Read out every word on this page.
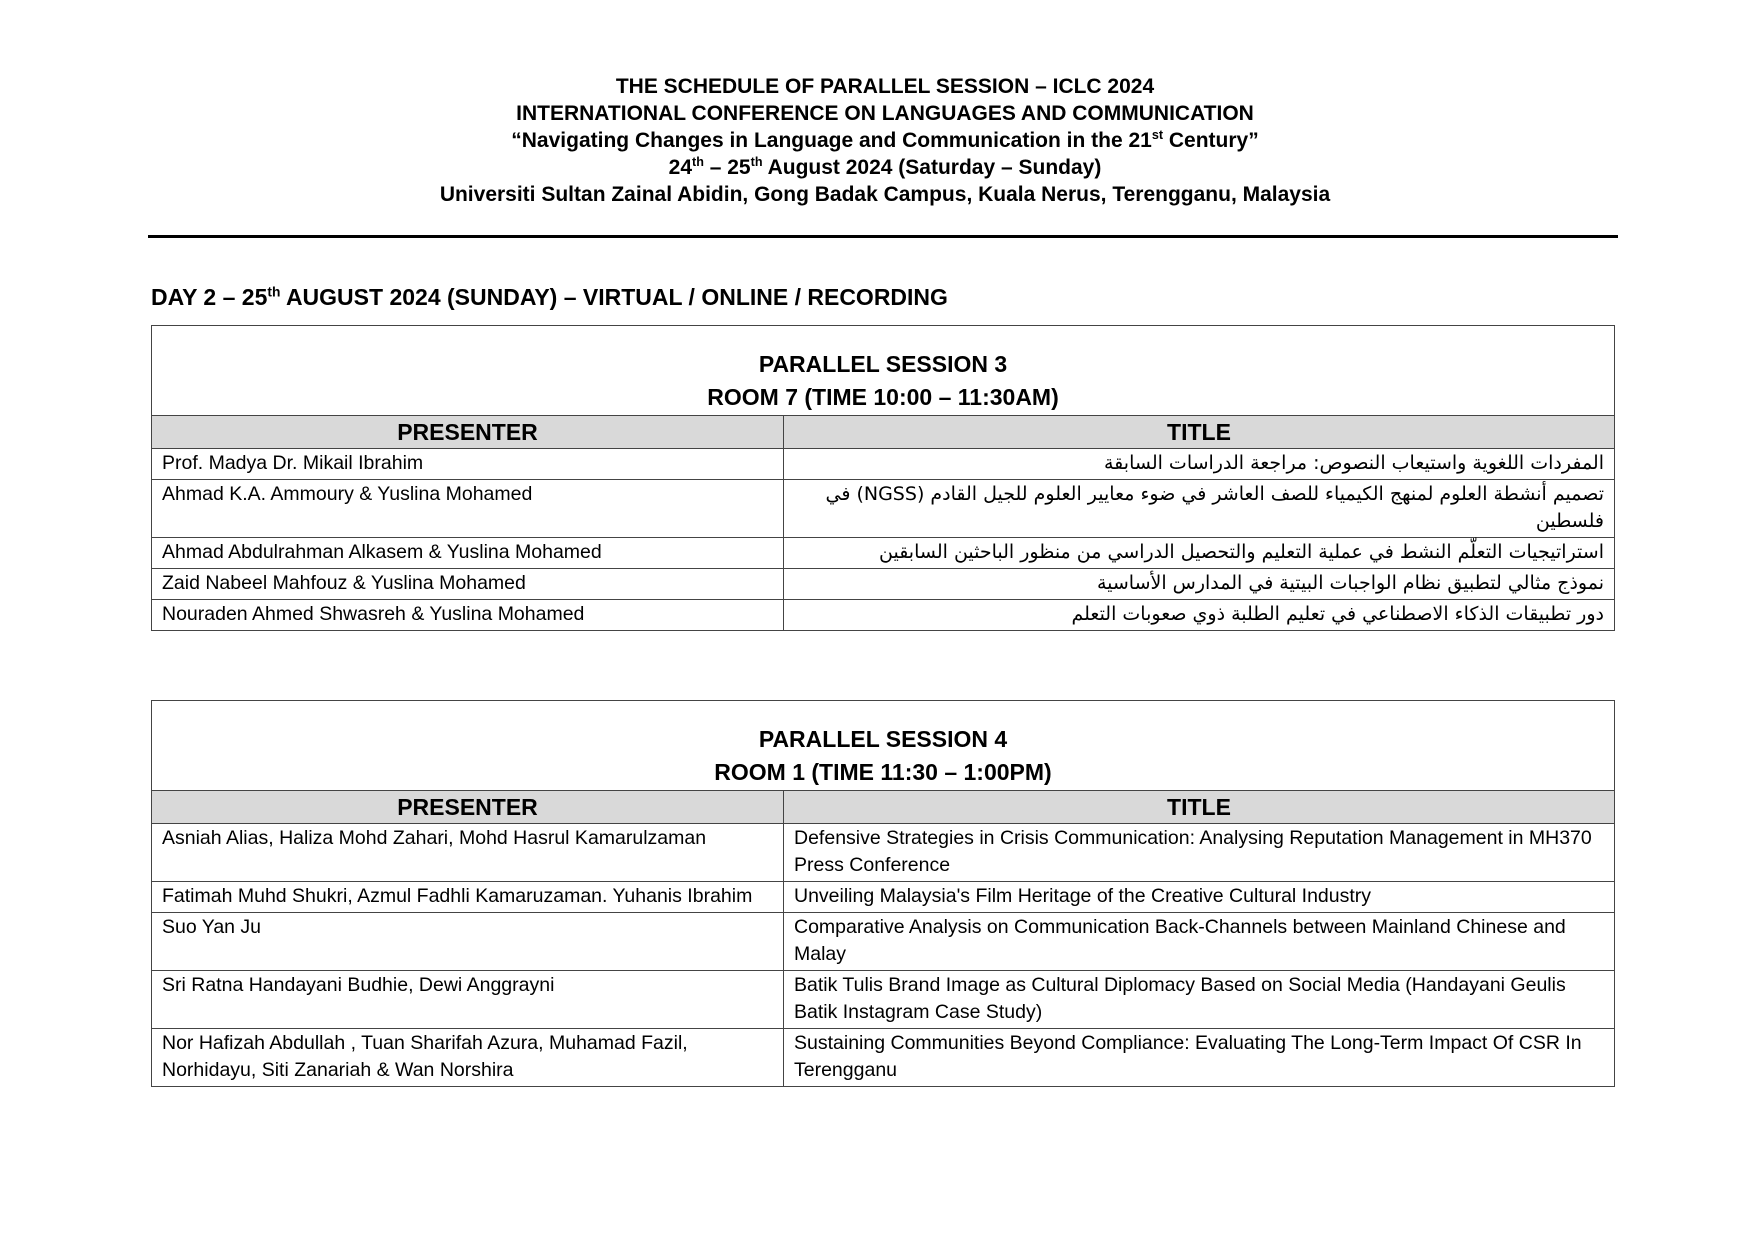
THE SCHEDULE OF PARALLEL SESSION – ICLC 2024
INTERNATIONAL CONFERENCE ON LANGUAGES AND COMMUNICATION
“Navigating Changes in Language and Communication in the 21st Century”
24th – 25th August 2024 (Saturday – Sunday)
Universiti Sultan Zainal Abidin, Gong Badak Campus, Kuala Nerus, Terengganu, Malaysia
DAY 2 – 25th AUGUST 2024 (SUNDAY) – VIRTUAL / ONLINE / RECORDING
PARALLEL SESSION 3
ROOM 7 (TIME 10:00 – 11:30AM)	

PRESENTER	TITLE
Prof. Madya Dr. Mikail Ibrahim	المفردات اللغوية واستيعاب النصوص: مراجعة الدراسات السابقة
Ahmad K.A. Ammoury & Yuslina Mohamed	تصميم أنشطة العلوم لمنهج الكيمياء للصف العاشر في ضوء معايير العلوم للجيل القادم (NGSS) في فلسطين
Ahmad Abdulrahman Alkasem & Yuslina Mohamed	استراتيجيات التعلّم النشط في عملية التعليم والتحصيل الدراسي من منظور الباحثين السابقين
Zaid Nabeel Mahfouz & Yuslina Mohamed	نموذج مثالي لتطبيق نظام الواجبات البيتية في المدارس الأساسية
Nouraden Ahmed Shwasreh & Yuslina Mohamed	دور تطبيقات الذكاء الاصطناعي في تعليم الطلبة ذوي صعوبات التعلم
PARALLEL SESSION 4
ROOM 1 (TIME 11:30 – 1:00PM)	

PRESENTER	TITLE
Asniah Alias, Haliza Mohd Zahari, Mohd Hasrul Kamarulzaman	Defensive Strategies in Crisis Communication: Analysing Reputation Management in MH370 Press Conference
Fatimah Muhd Shukri, Azmul Fadhli Kamaruzaman. Yuhanis Ibrahim	Unveiling Malaysia's Film Heritage of the Creative Cultural Industry
Suo Yan Ju	Comparative Analysis on Communication Back-Channels between Mainland Chinese and Malay
Sri Ratna Handayani Budhie, Dewi Anggrayni	Batik Tulis Brand Image as Cultural Diplomacy Based on Social Media (Handayani Geulis Batik Instagram Case Study)
Nor Hafizah Abdullah , Tuan Sharifah Azura, Muhamad Fazil, Norhidayu, Siti Zanariah & Wan Norshira	Sustaining Communities Beyond Compliance: Evaluating The Long-Term Impact Of CSR In Terengganu
